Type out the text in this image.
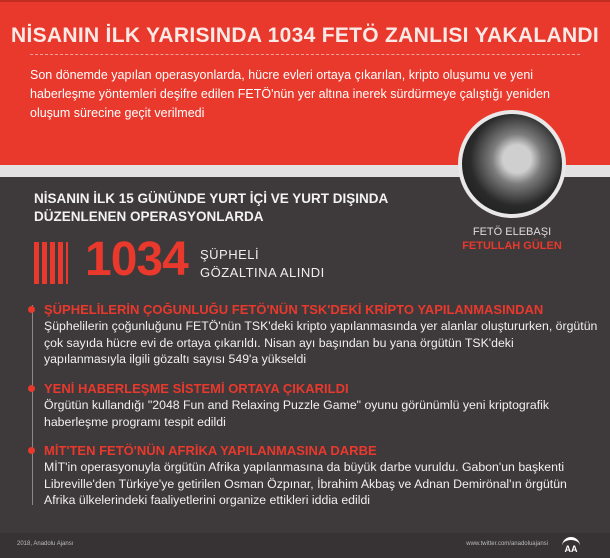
NİSANIN İLK YARISINDA 1034 FETÖ ZANLISI YAKALANDI
Son dönemde yapılan operasyonlarda, hücre evleri ortaya çıkarılan, kripto oluşumu ve yeni haberleşme yöntemleri deşifre edilen FETÖ'nün yer altına inerek sürdürmeye çalıştığı yeniden oluşum sürecine geçit verilmedi
FETÖ ELEBAŞI
FETULLAH GÜLEN
NİSANIN İLK 15 GÜNÜNDE YURT İÇİ VE YURT DIŞINDA
DÜZENLENEN OPERASYONLARDA
1034 ŞÜPHELİ
GÖZALTINA ALINDI
ŞÜPHELİLERİN ÇOĞUNLUĞU FETÖ'NÜN TSK'DEKİ KRİPTO YAPILANMASINDAN

Şüphelilerin çoğunluğunu FETÖ'nün TSK'deki kripto yapılanmasında yer alanlar oluştururken, örgütün çok sayıda hücre evi de ortaya çıkarıldı. Nisan ayı başından bu yana örgütün TSK'deki yapılanmasıyla ilgili gözaltı sayısı 549'a yükseldi

YENİ HABERLEŞME SİSTEMİ ORTAYA ÇIKARILDI

Örgütün kullandığı "2048 Fun and Relaxing Puzzle Game" oyunu görünümlü yeni kriptografik haberleşme programı tespit edildi

MİT'TEN FETÖ'NÜN AFRİKA YAPILANMASINA DARBE

MİT'in operasyonuyla örgütün Afrika yapılanmasına da büyük darbe vuruldu. Gabon'un başkenti Libreville'den Türkiye'ye getirilen Osman Özpınar, İbrahim Akbaş ve Adnan Demirönal'ın örgütün Afrika ülkelerindeki faaliyetlerini organize ettikleri iddia edildi

2018, Anadolu Ajansı	www.twitter.com/anadoluajansi AA
